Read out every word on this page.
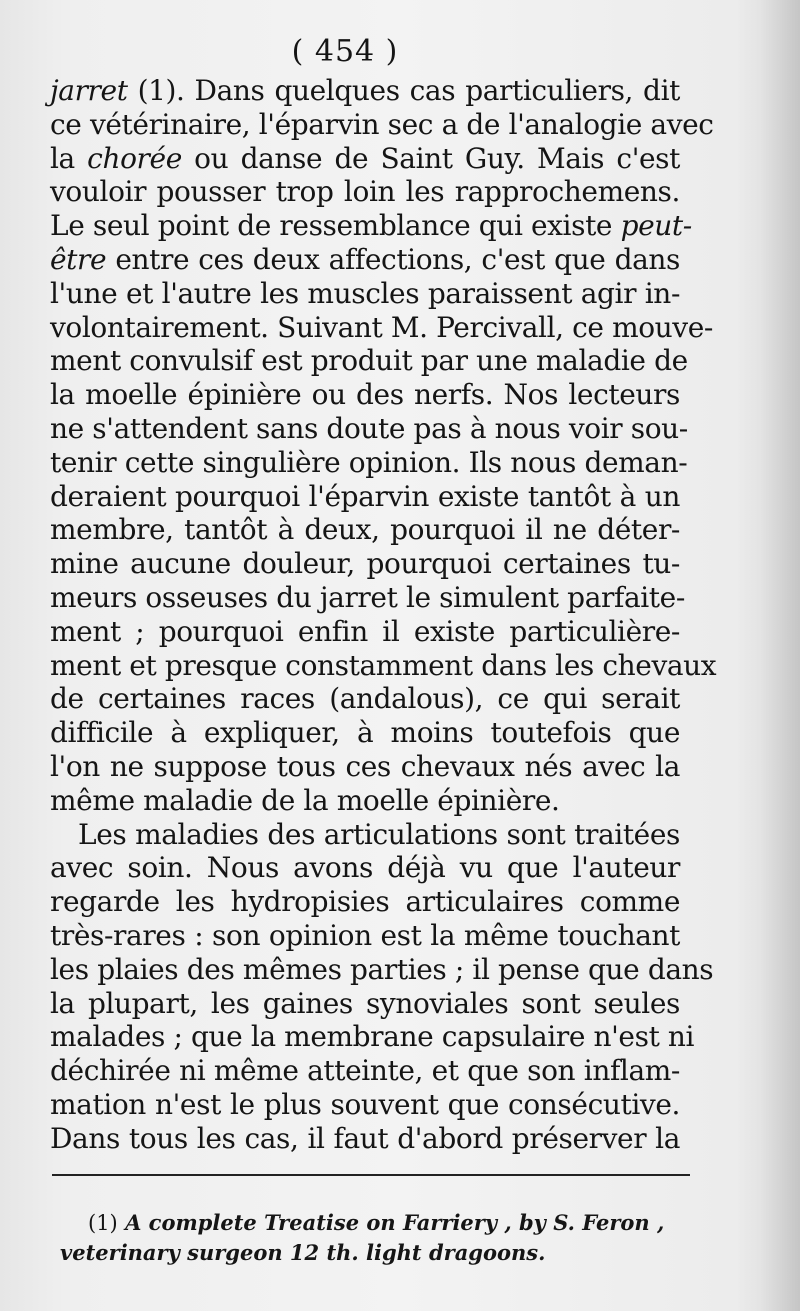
( 454 )
jarret (1). Dans quelques cas particuliers, dit
ce vétérinaire, l'éparvin sec a de l'analogie avec
la chorée ou danse de Saint Guy. Mais c'est
vouloir pousser trop loin les rapprochemens.
Le seul point de ressemblance qui existe peut-
être entre ces deux affections, c'est que dans
l'une et l'autre les muscles paraissent agir in-
volontairement. Suivant M. Percivall, ce mouve-
ment convulsif est produit par une maladie de
la moelle épinière ou des nerfs. Nos lecteurs
ne s'attendent sans doute pas à nous voir sou-
tenir cette singulière opinion. Ils nous deman-
deraient pourquoi l'éparvin existe tantôt à un
membre, tantôt à deux, pourquoi il ne déter-
mine aucune douleur, pourquoi certaines tu-
meurs osseuses du jarret le simulent parfaite-
ment ; pourquoi enfin il existe particulière-
ment et presque constamment dans les chevaux
de certaines races (andalous), ce qui serait
difficile à expliquer, à moins toutefois que
l'on ne suppose tous ces chevaux nés avec la
même maladie de la moelle épinière.
Les maladies des articulations sont traitées
avec soin. Nous avons déjà vu que l'auteur
regarde les hydropisies articulaires comme
très-rares : son opinion est la même touchant
les plaies des mêmes parties ; il pense que dans
la plupart, les gaines synoviales sont seules
malades ; que la membrane capsulaire n'est ni
déchirée ni même atteinte, et que son inflam-
mation n'est le plus souvent que consécutive.
Dans tous les cas, il faut d'abord préserver la
(1) A complete Treatise on Farriery , by S. Feron ,
veterinary surgeon 12 th. light dragoons.
